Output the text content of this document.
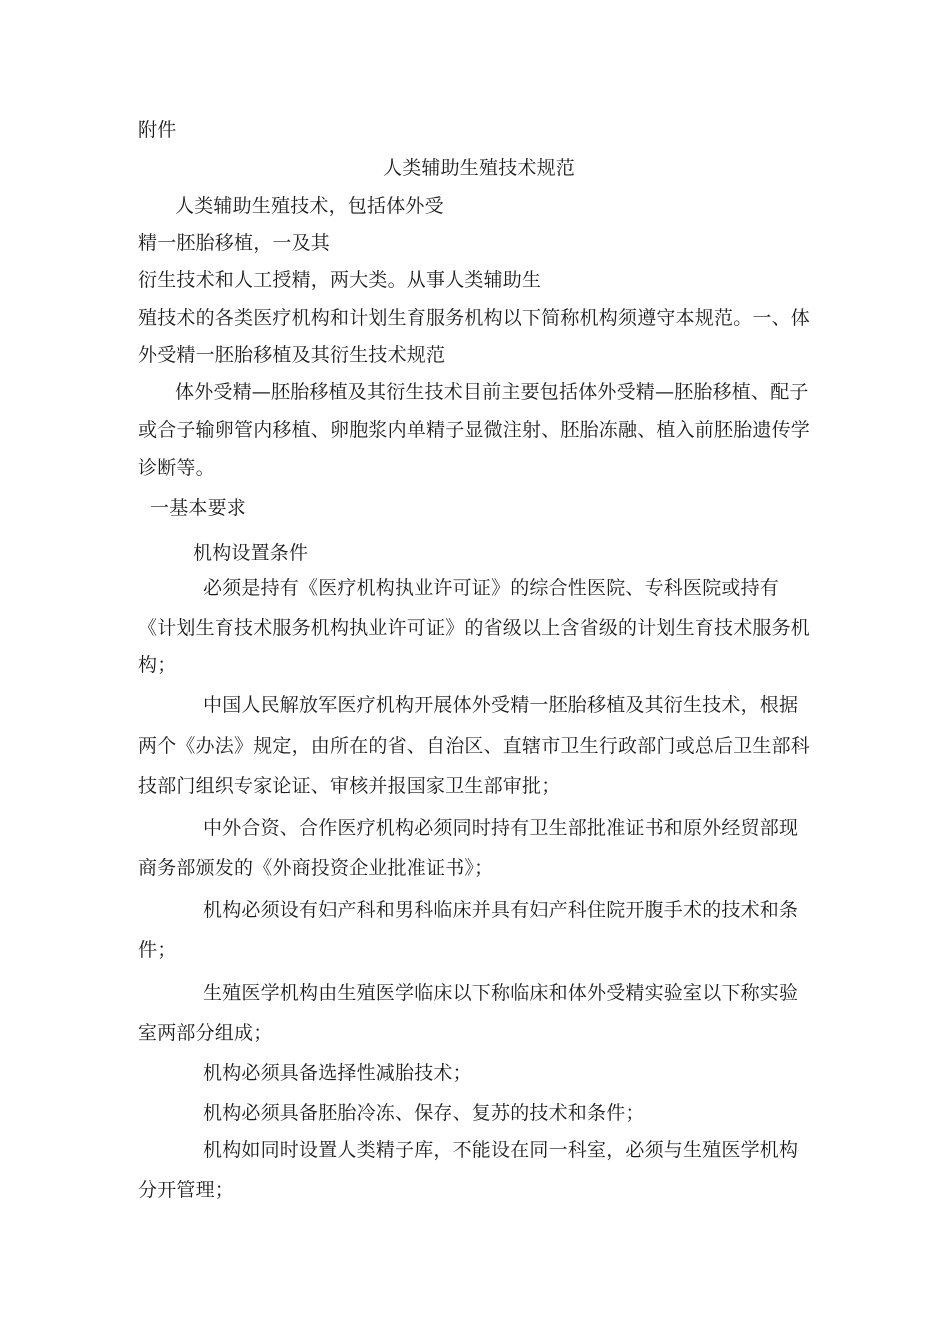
附件
人类辅助生殖技术规范
人类辅助生殖技术，包括体外受
精一胚胎移植，一及其
衍生技术和人工授精，两大类。从事人类辅助生
殖技术的各类医疗机构和计划生育服务机构以下简称机构须遵守本规范。一、体
外受精一胚胎移植及其衍生技术规范
体外受精—胚胎移植及其衍生技术目前主要包括体外受精—胚胎移植、配子
或合子输卵管内移植、卵胞浆内单精子显微注射、胚胎冻融、植入前胚胎遗传学
诊断等。
一基本要求
机构设置条件
必须是持有《医疗机构执业许可证》的综合性医院、专科医院或持有
《计划生育技术服务机构执业许可证》的省级以上含省级的计划生育技术服务机
构；
中国人民解放军医疗机构开展体外受精一胚胎移植及其衍生技术，根据
两个《办法》规定，由所在的省、自治区、直辖市卫生行政部门或总后卫生部科
技部门组织专家论证、审核并报国家卫生部审批；
中外合资、合作医疗机构必须同时持有卫生部批准证书和原外经贸部现
商务部颁发的《外商投资企业批准证书》；
机构必须设有妇产科和男科临床并具有妇产科住院开腹手术的技术和条
件；
生殖医学机构由生殖医学临床以下称临床和体外受精实验室以下称实验
室两部分组成；
机构必须具备选择性减胎技术；
机构必须具备胚胎冷冻、保存、复苏的技术和条件；
机构如同时设置人类精子库，不能设在同一科室，必须与生殖医学机构
分开管理；
